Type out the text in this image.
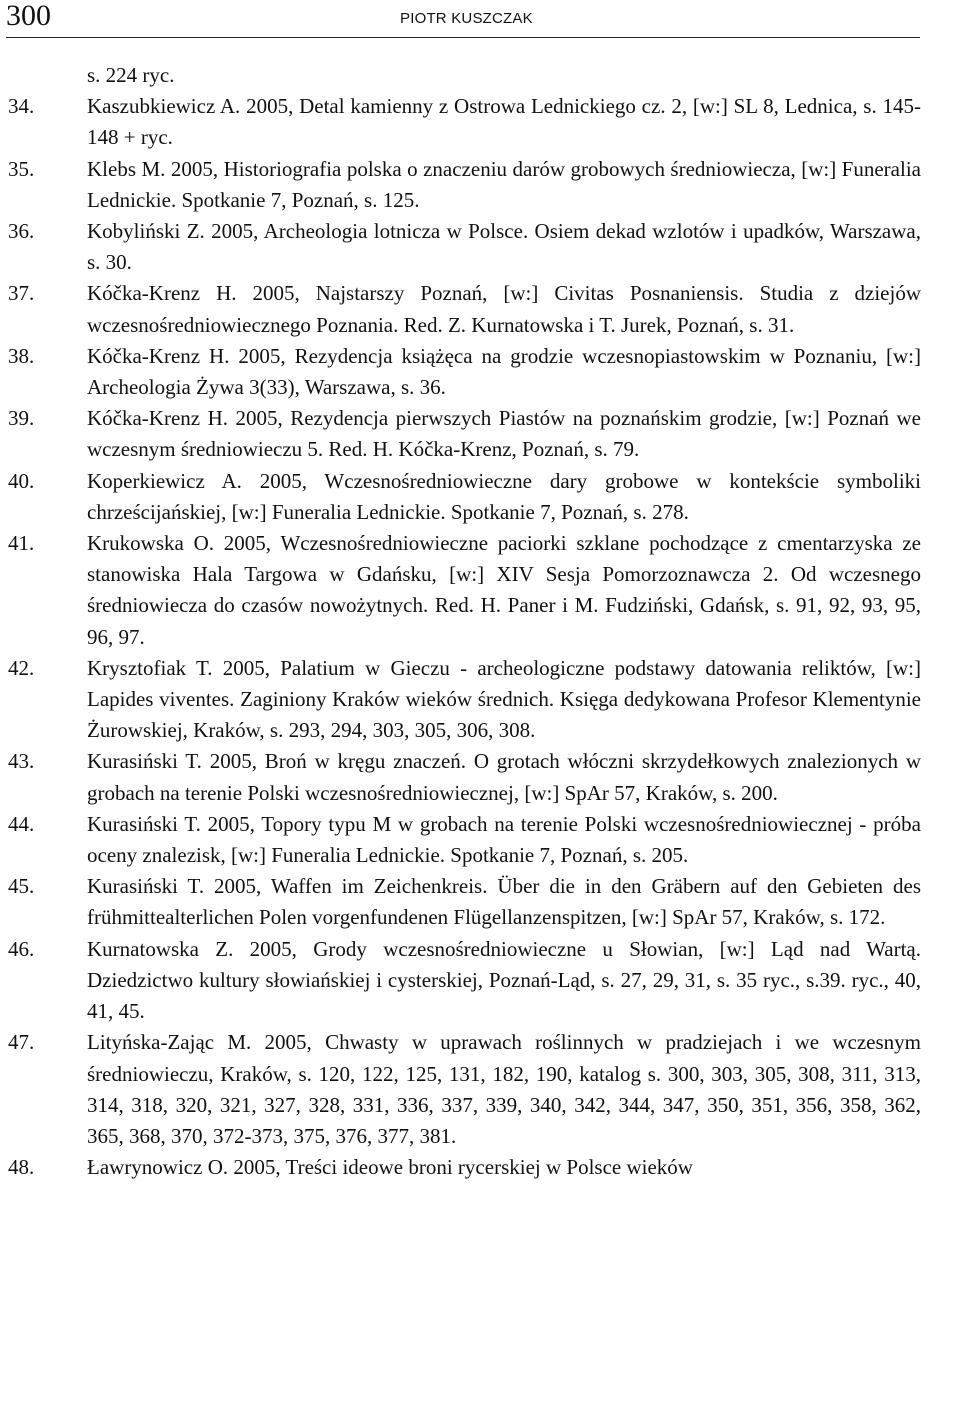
300	PIOTR KUSZCZAK
s. 224 ryc.
34.	Kaszubkiewicz A. 2005, Detal kamienny z Ostrowa Lednickiego cz. 2, [w:] SL 8, Lednica, s. 145-148 + ryc.
35.	Klebs M. 2005, Historiografia polska o znaczeniu darów grobowych średniowiecza, [w:] Funeralia Lednickie. Spotkanie 7, Poznań, s. 125.
36.	Kobyliński Z. 2005, Archeologia lotnicza w Polsce. Osiem dekad wzlotów i upadków, Warszawa, s. 30.
37.	Kóčka-Krenz H. 2005, Najstarszy Poznań, [w:] Civitas Posnaniensis. Studia z dziejów wczesnośredniowiecznego Poznania. Red. Z. Kurnatowska i T. Jurek, Poznań, s. 31.
38.	Kóčka-Krenz H. 2005, Rezydencja książęca na grodzie wczesnopiastowskim w Poznaniu, [w:] Archeologia Żywa 3(33), Warszawa, s. 36.
39.	Kóčka-Krenz H. 2005, Rezydencja pierwszych Piastów na poznańskim grodzie, [w:] Poznań we wczesnym średniowieczu 5. Red. H. Kóčka-Krenz, Poznań, s. 79.
40.	Koperkiewicz A. 2005, Wczesnośredniowieczne dary grobowe w kontekście symboliki chrześcijańskiej, [w:] Funeralia Lednickie. Spotkanie 7, Poznań, s. 278.
41.	Krukowska O. 2005, Wczesnośredniowieczne paciorki szklane pochodzące z cmentarzyska ze stanowiska Hala Targowa w Gdańsku, [w:] XIV Sesja Pomorzoznawcza 2. Od wczesnego średniowiecza do czasów nowożytnych. Red. H. Paner i M. Fudziński, Gdańsk, s. 91, 92, 93, 95, 96, 97.
42.	Krysztofiak T. 2005, Palatium w Gieczu - archeologiczne podstawy datowania reliktów, [w:] Lapides viventes. Zaginiony Kraków wieków średnich. Księga dedykowana Profesor Klementynie Żurowskiej, Kraków, s. 293, 294, 303, 305, 306, 308.
43.	Kurasiński T. 2005, Broń w kręgu znaczeń. O grotach włóczni skrzydełkowych znalezionych w grobach na terenie Polski wczesnośredniowiecznej, [w:] SpAr 57, Kraków, s. 200.
44.	Kurasiński T. 2005, Topory typu M w grobach na terenie Polski wczesnośredniowiecznej - próba oceny znalezisk, [w:] Funeralia Lednickie. Spotkanie 7, Poznań, s. 205.
45.	Kurasiński T. 2005, Waffen im Zeichenkreis. Über die in den Gräbern auf den Gebieten des frühmittealterlichen Polen vorgenfundenen Flügellanzenspitzen, [w:] SpAr 57, Kraków, s. 172.
46.	Kurnatowska Z. 2005, Grody wczesnośredniowieczne u Słowian, [w:] Ląd nad Wartą. Dziedzictwo kultury słowiańskiej i cysterskiej, Poznań-Ląd, s. 27, 29, 31, s. 35 ryc., s.39. ryc., 40, 41, 45.
47.	Lityńska-Zając M. 2005, Chwasty w uprawach roślinnych w pradziejach i we wczesnym średniowieczu, Kraków, s. 120, 122, 125, 131, 182, 190, katalog s. 300, 303, 305, 308, 311, 313, 314, 318, 320, 321, 327, 328, 331, 336, 337, 339, 340, 342, 344, 347, 350, 351, 356, 358, 362, 365, 368, 370, 372-373, 375, 376, 377, 381.
48.	Ławrynowicz O. 2005, Treści ideowe broni rycerskiej w Polsce wieków
